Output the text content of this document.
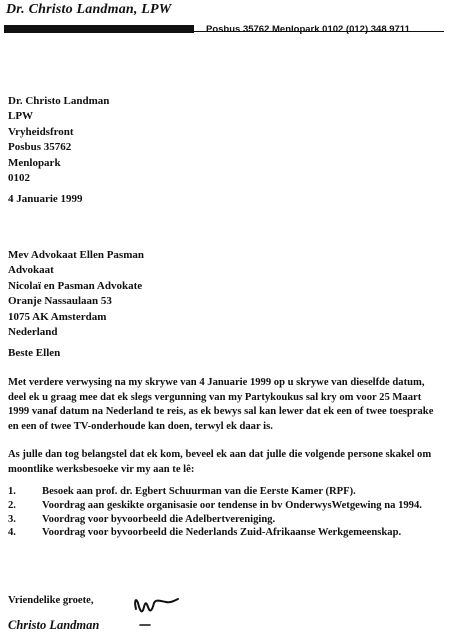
Dr. Christo Landman, LPW
Posbus 35762 Menlopark 0102 (012) 348 9711
Dr. Christo Landman
LPW
Vryheidsfront
Posbus 35762
Menlopark
0102
4 Januarie 1999
Mev Advokaat Ellen Pasman
Advokaat
Nicolaï en Pasman Advokate
Oranje Nassaulaan 53
1075 AK Amsterdam
Nederland
Beste Ellen
Met verdere verwysing na my skrywe van 4 Januarie 1999 op u skrywe van dieselfde datum, deel ek u graag mee dat ek slegs vergunning van my Partykoukus sal kry om voor 25 Maart 1999 vanaf datum na Nederland te reis, as ek bewys sal kan lewer dat ek een of twee toesprake en een of twee TV-onderhoude kan doen, terwyl ek daar is.
As julle dan tog belangstel dat ek kom, beveel ek aan dat julle die volgende persone skakel om moontlike werksbesoeke vir my aan te lê:
1.	Besoek aan prof. dr. Egbert Schuurman van die Eerste Kamer (RPF).
2.	Voordrag aan geskikte organisasie oor tendense in bv OnderwysWetgewing na 1994.
3.	Voordrag voor byvoorbeeld die Adelbertvereniging.
4.	Voordrag voor byvoorbeeld die Nederlands Zuid-Afrikaanse Werkgemeenskap.
Vriendelike groete,
Christo Landman
